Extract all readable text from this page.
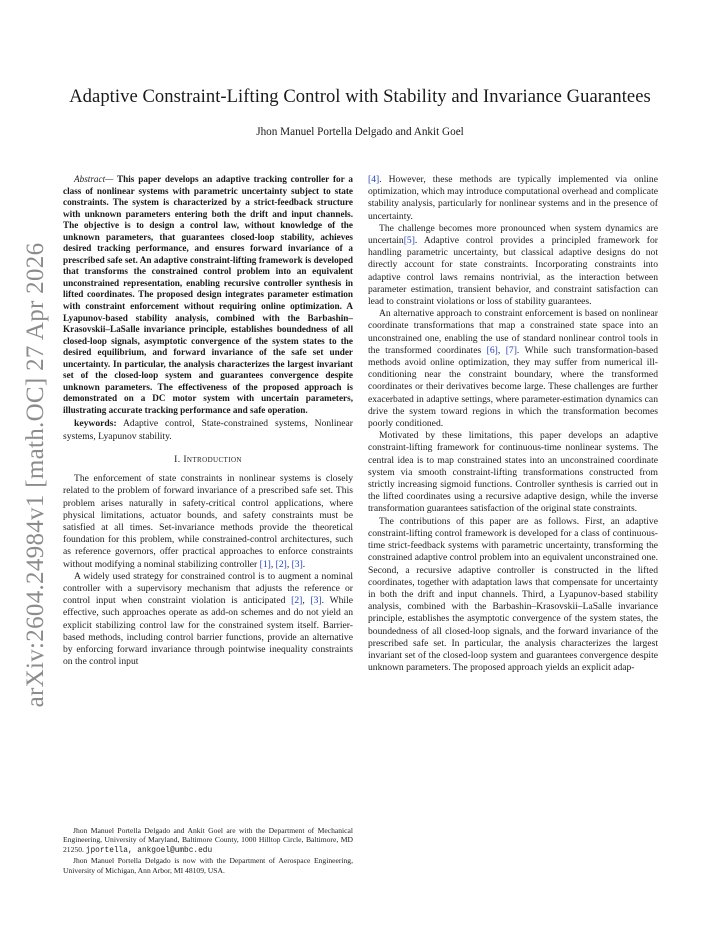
arXiv:2604.24984v1 [math.OC] 27 Apr 2026
Adaptive Constraint-Lifting Control with Stability and Invariance Guarantees
Jhon Manuel Portella Delgado and Ankit Goel

Abstract— This paper develops an adaptive tracking controller for a class of nonlinear systems with parametric uncertainty subject to state constraints. The system is characterized by a strict-feedback structure with unknown parameters entering both the drift and input channels. The objective is to design a control law, without knowledge of the unknown parameters, that guarantees closed-loop stability, achieves desired tracking performance, and ensures forward invariance of a prescribed safe set. An adaptive constraint-lifting framework is developed that transforms the constrained control problem into an equivalent unconstrained representation, enabling recursive controller synthesis in lifted coordinates. The proposed design integrates parameter estimation with constraint enforcement without requiring online optimization. A Lyapunov-based stability analysis, combined with the Barbashin–Krasovskii–LaSalle invariance principle, establishes boundedness of all closed-loop signals, asymptotic convergence of the system states to the desired equilibrium, and forward invariance of the safe set under uncertainty. In particular, the analysis characterizes the largest invariant set of the closed-loop system and guarantees convergence despite unknown parameters. The effectiveness of the proposed approach is demonstrated on a DC motor system with uncertain parameters, illustrating accurate tracking performance and safe operation.

keywords: Adaptive control, State-constrained systems, Nonlinear systems, Lyapunov stability.

I. Introduction

The enforcement of state constraints in nonlinear systems is closely related to the problem of forward invariance of a prescribed safe set. This problem arises naturally in safety-critical control applications, where physical limitations, actuator bounds, and safety constraints must be satisfied at all times. Set-invariance methods provide the theoretical foundation for this problem, while constrained-control architectures, such as reference governors, offer practical approaches to enforce constraints without modifying a nominal stabilizing controller [1], [2], [3].

A widely used strategy for constrained control is to augment a nominal controller with a supervisory mechanism that adjusts the reference or control input when constraint violation is anticipated [2], [3]. While effective, such approaches operate as add-on schemes and do not yield an explicit stabilizing control law for the constrained system itself. Barrier-based methods, including control barrier functions, provide an alternative by enforcing forward invariance through pointwise inequality constraints on the control input

Jhon Manuel Portella Delgado and Ankit Goel are with the Department of Mechanical Engineering, University of Maryland, Baltimore County, 1000 Hilltop Circle, Baltimore, MD 21250. jportella, ankgoel@umbc.edu

Jhon Manuel Portella Delgado is now with the Department of Aerospace Engineering, University of Michigan, Ann Arbor, MI 48109, USA.

[4]. However, these methods are typically implemented via online optimization, which may introduce computational overhead and complicate stability analysis, particularly for nonlinear systems and in the presence of uncertainty.

The challenge becomes more pronounced when system dynamics are uncertain[5]. Adaptive control provides a principled framework for handling parametric uncertainty, but classical adaptive designs do not directly account for state constraints. Incorporating constraints into adaptive control laws remains nontrivial, as the interaction between parameter estimation, transient behavior, and constraint satisfaction can lead to constraint violations or loss of stability guarantees.

An alternative approach to constraint enforcement is based on nonlinear coordinate transformations that map a constrained state space into an unconstrained one, enabling the use of standard nonlinear control tools in the transformed coordinates [6], [7]. While such transformation-based methods avoid online optimization, they may suffer from numerical ill-conditioning near the constraint boundary, where the transformed coordinates or their derivatives become large. These challenges are further exacerbated in adaptive settings, where parameter-estimation dynamics can drive the system toward regions in which the transformation becomes poorly conditioned.

Motivated by these limitations, this paper develops an adaptive constraint-lifting framework for continuous-time nonlinear systems. The central idea is to map constrained states into an unconstrained coordinate system via smooth constraint-lifting transformations constructed from strictly increasing sigmoid functions. Controller synthesis is carried out in the lifted coordinates using a recursive adaptive design, while the inverse transformation guarantees satisfaction of the original state constraints.

The contributions of this paper are as follows. First, an adaptive constraint-lifting control framework is developed for a class of continuous-time strict-feedback systems with parametric uncertainty, transforming the constrained adaptive control problem into an equivalent unconstrained one. Second, a recursive adaptive controller is constructed in the lifted coordinates, together with adaptation laws that compensate for uncertainty in both the drift and input channels. Third, a Lyapunov-based stability analysis, combined with the Barbashin–Krasovskii–LaSalle invariance principle, establishes the asymptotic convergence of the system states, the boundedness of all closed-loop signals, and the forward invariance of the prescribed safe set. In particular, the analysis characterizes the largest invariant set of the closed-loop system and guarantees convergence despite unknown parameters. The proposed approach yields an explicit adap-
